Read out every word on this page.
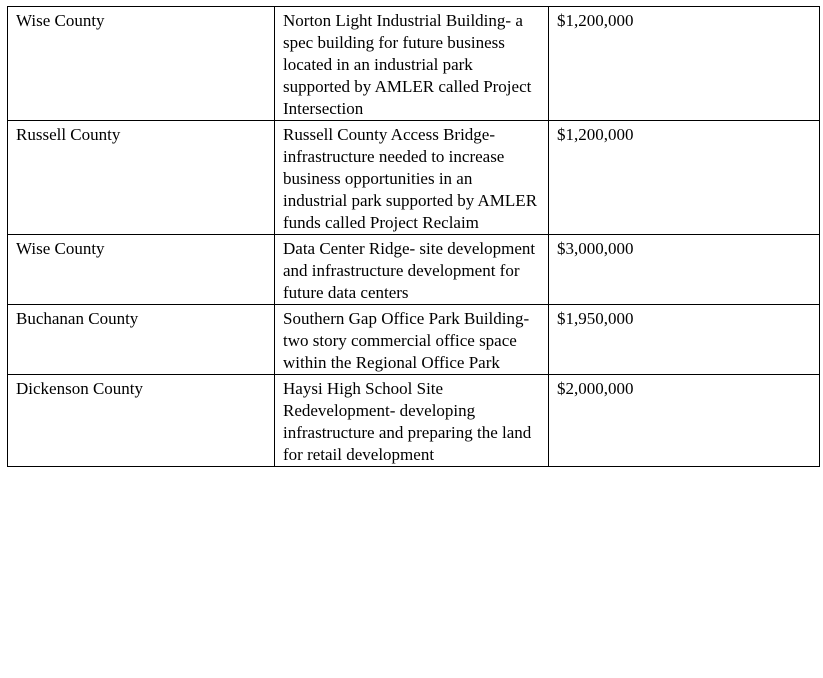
Wise County	Norton Light Industrial Building- a spec building for future business located in an industrial park supported by AMLER called Project Intersection	$1,200,000
Russell County	Russell County Access Bridge- infrastructure needed to increase business opportunities in an industrial park supported by AMLER funds called Project Reclaim	$1,200,000
Wise County	Data Center Ridge- site development and infrastructure development for future data centers	$3,000,000
Buchanan County	Southern Gap Office Park Building- two story commercial office space within the Regional Office Park	$1,950,000
Dickenson County	Haysi High School Site Redevelopment- developing infrastructure and preparing the land for retail development	$2,000,000
